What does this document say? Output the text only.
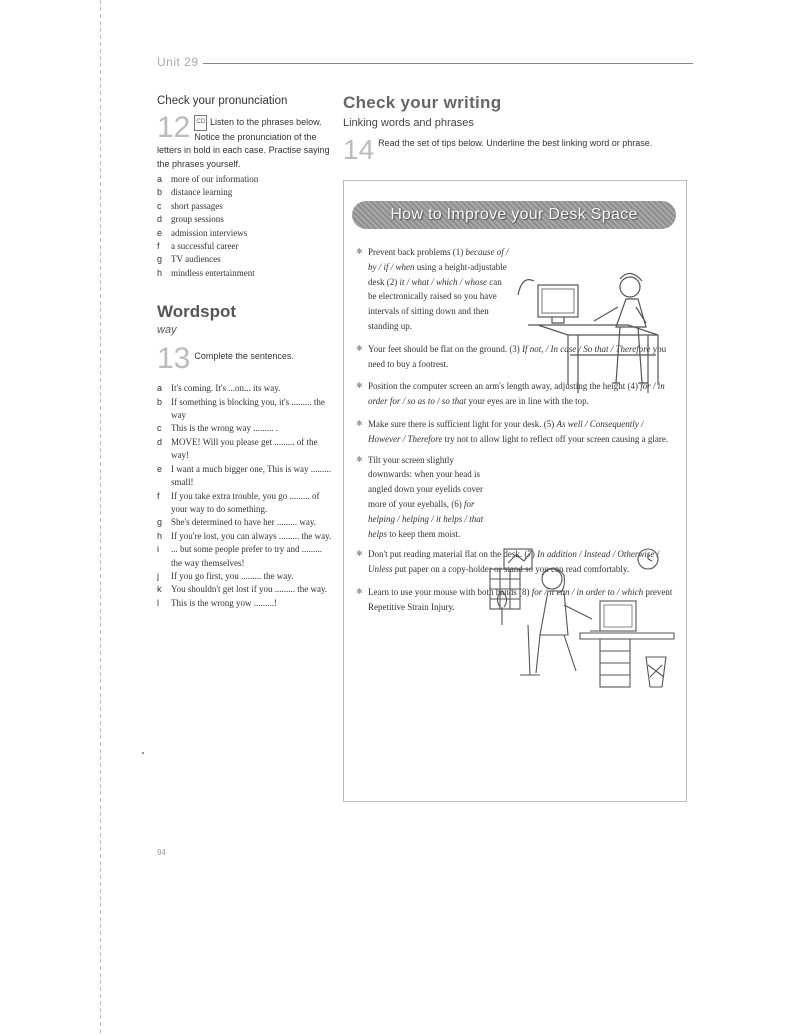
Unit 29
Check your pronunciation
12	CD Listen to the phrases below. Notice the pronunciation of the letters in bold in each case. Practise saying the phrases yourself.
a more of our information
b distance learning
c	short passages
d group sessions
e admission interviews
f	a successful career
g TV audiences
h mindless entertainment
Wordspot
way
13 Complete the sentences.
a It's coming. It's ...on... its way.
b If something is blocking you, it's ......... the way
c	This is the wrong way ......... .
d MOVE! Will you please get ......... of the way!
e I want a much bigger one, This is way ......... small!
f	If you take extra trouble, you go ......... of your way to do something.
g She's determined to have her ......... way.
h If you're lost, you can always ......... the way.
i	... but some people prefer to try and ......... the way themselves!
j	If you go first, you ......... the way.
k	You shouldn't get lost if you ......... the way.
l	This is the wrong yow .........!
Check your writing
Linking words and phrases
14 Read the set of tips below. Underline the best linking word or phrase.
How to Improve your Desk Space
✱ Prevent back problems (1) because of / by / if / when using a height-adjustable desk (2) it / what / which / whose can be electronically raised so you have intervals of sitting down and then standing up.
✱ Your feet should be flat on the ground. (3) If not, / In case / So that / Therefore you need to buy a footrest.
✱ Position the computer screen an arm's length away, adjusting the height (4) for / in order for / so as to / so that your eyes are in line with the top.
✱ Make sure there is sufficient light for your desk. (5) As well / Consequently / However / Therefore try not to allow light to reflect off your screen causing a glare.
✱ Tilt your screen slightly downwards: when your head is angled down your eyelids cover more of your eyeballs, (6) for helping / helping / it helps / that helps to keep them moist.
✱ Don't put reading material flat on the desk. (7) In addition / Instead / Otherwise / Unless put paper on a copy-holder or stand so you can read comfortably.
✱ Learn to use your mouse with both hands (8) for / it can / in order to / which prevent Repetitive Strain Injury.
94
